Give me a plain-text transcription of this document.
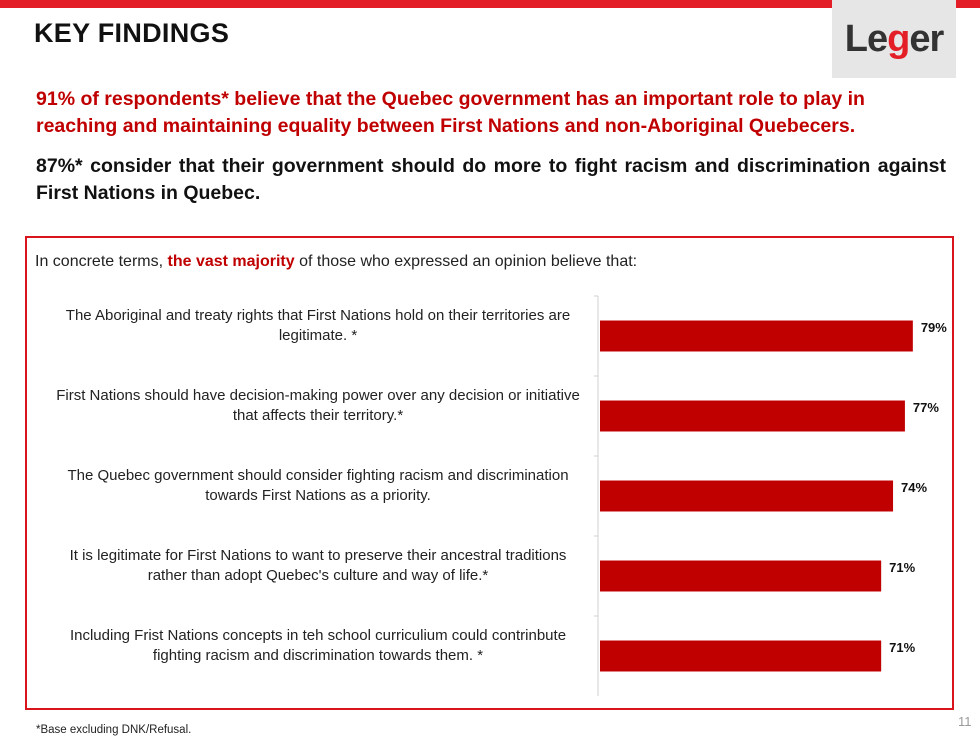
KEY FINDINGS	Leger
91% of respondents* believe that the Quebec government has an important role to play in reaching and maintaining equality between First Nations and non-Aboriginal Quebecers.
87%* consider that their government should do more to fight racism and discrimination against First Nations in Quebec.
In concrete terms, the vast majority of those who expressed an opinion believe that:
79%
The Aboriginal and treaty rights that First Nations hold on their territories are legitimate. *
77%
First Nations should have decision-making power over any decision or initiative that affects their territory.*
74%
The Quebec government should consider fighting racism and discrimination towards First Nations as a priority.
71%
It is legitimate for First Nations to want to preserve their ancestral traditions rather than adopt Quebec's culture and way of life.*
71%
Including Frist Nations concepts in teh school curriculium could contrinbute fighting racism and discrimination towards them. *
*Base excluding DNK/Refusal.
11
